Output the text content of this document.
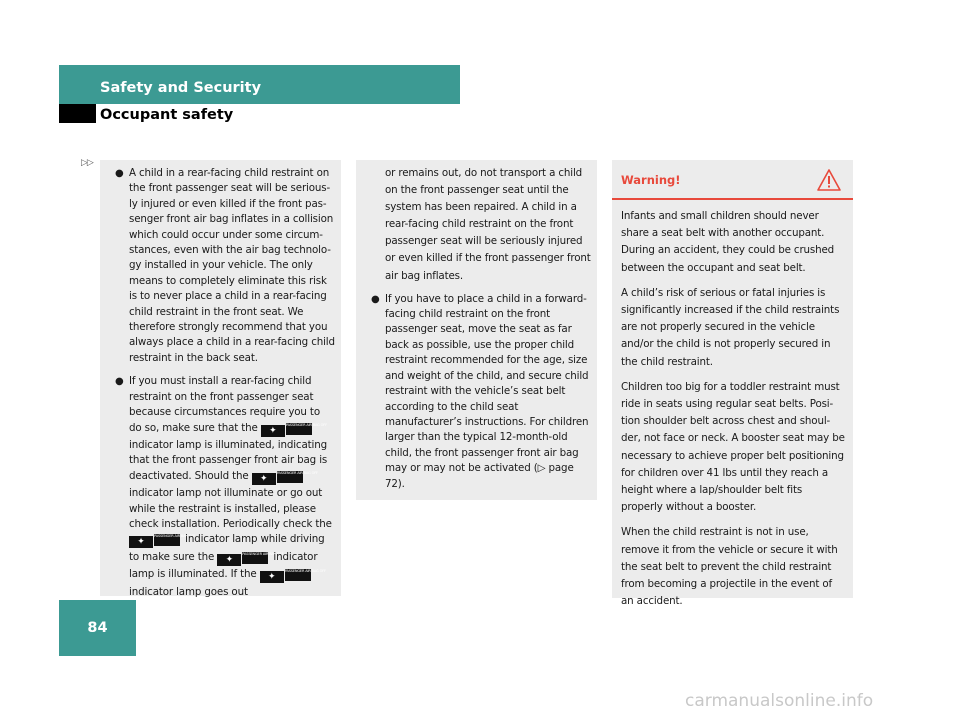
Safety and Security
Occupant safety
▷▷
● A child in a rear-facing child restraint on the front passenger seat will be serious-ly injured or even killed if the front pas-senger front air bag inflates in a collision which could occur under some circum-stances, even with the air bag technolo-gy installed in your vehicle. The only means to completely eliminate this risk is to never place a child in a rear-facing child restraint in the front seat. We therefore strongly recommend that you always place a child in a rear-facing child restraint in the back seat.
● If you must install a rear-facing child restraint on the front passenger seat because circumstances require you to do so, make sure that the ✦PASSENGER AIR BAG OFF indicator lamp is illuminated, indicating that the front passenger front air bag is deactivated. Should the ✦PASSENGER AIR BAG OFF indicator lamp not illuminate or go out while the restraint is installed, please check installation. Periodically check the ✦PASSENGER AIR BAG OFF indicator lamp while driving to make sure the ✦PASSENGER AIR BAG OFF indicator lamp is illuminated. If the ✦PASSENGER AIR BAG OFF indicator lamp goes out

or remains out, do not transport a child on the front passenger seat until the system has been repaired. A child in a rear-facing child restraint on the front passenger seat will be seriously injured or even killed if the front passenger front air bag inflates.

● If you have to place a child in a forward-facing child restraint on the front passenger seat, move the seat as far back as possible, use the proper child restraint recommended for the age, size and weight of the child, and secure child restraint with the vehicle’s seat belt according to the child seat manufacturer’s instructions. For children larger than the typical 12-month-old child, the front passenger front air bag may or may not be activated (▷ page 72).
Warning!

Infants and small children should never share a seat belt with another occupant. During an accident, they could be crushed between the occupant and seat belt.

A child’s risk of serious or fatal injuries is significantly increased if the child restraints are not properly secured in the vehicle and/or the child is not properly secured in the child restraint.

Children too big for a toddler restraint must ride in seats using regular seat belts. Posi-tion shoulder belt across chest and shoul-der, not face or neck. A booster seat may be necessary to achieve proper belt positioning for children over 41 lbs until they reach a height where a lap/shoulder belt fits properly without a booster.

When the child restraint is not in use, remove it from the vehicle or secure it with the seat belt to prevent the child restraint from becoming a projectile in the event of an accident.

84
carmanualsonline.info
